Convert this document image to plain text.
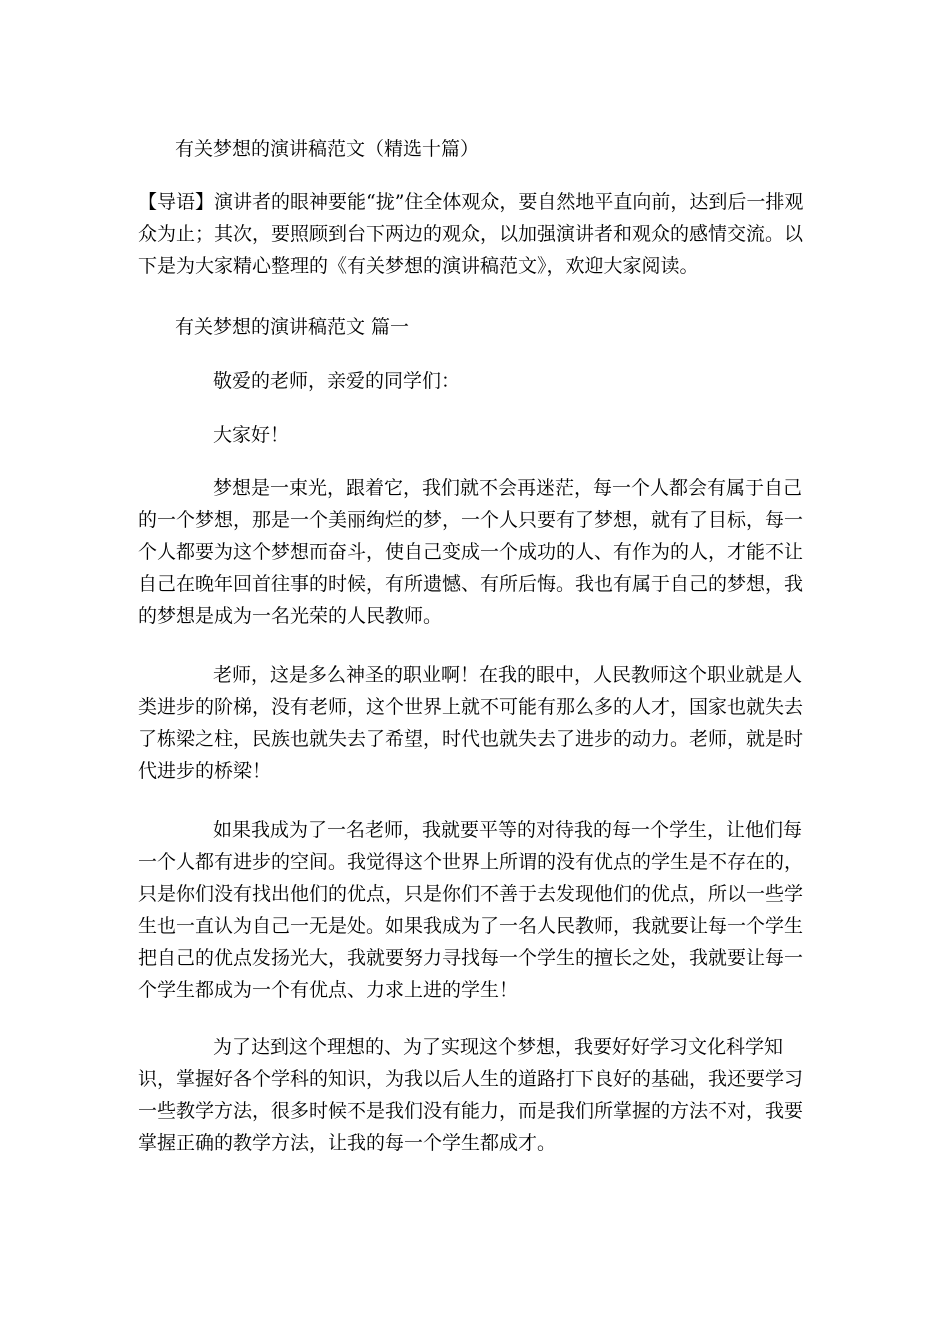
有关梦想的演讲稿范文（精选十篇）

【导语】演讲者的眼神要能“拢”住全体观众，要自然地平直向前，达到后一排观众为止；其次，要照顾到台下两边的观众，以加强演讲者和观众的感情交流。以下是为大家精心整理的《有关梦想的演讲稿范文》，欢迎大家阅读。

有关梦想的演讲稿范文 篇一

敬爱的老师，亲爱的同学们：

大家好！

梦想是一束光，跟着它，我们就不会再迷茫，每一个人都会有属于自己的一个梦想，那是一个美丽绚烂的梦，一个人只要有了梦想，就有了目标，每一个人都要为这个梦想而奋斗，使自己变成一个成功的人、有作为的人，才能不让自己在晚年回首往事的时候，有所遗憾、有所后悔。我也有属于自己的梦想，我的梦想是成为一名光荣的人民教师。

老师，这是多么神圣的职业啊！在我的眼中，人民教师这个职业就是人类进步的阶梯，没有老师，这个世界上就不可能有那么多的人才，国家也就失去了栋梁之柱，民族也就失去了希望，时代也就失去了进步的动力。老师，就是时代进步的桥梁！

如果我成为了一名老师，我就要平等的对待我的每一个学生，让他们每一个人都有进步的空间。我觉得这个世界上所谓的没有优点的学生是不存在的，只是你们没有找出他们的优点，只是你们不善于去发现他们的优点，所以一些学生也一直认为自己一无是处。如果我成为了一名人民教师，我就要让每一个学生把自己的优点发扬光大，我就要努力寻找每一个学生的擅长之处，我就要让每一个学生都成为一个有优点、力求上进的学生！

为了达到这个理想的、为了实现这个梦想，我要好好学习文化科学知识，掌握好各个学科的知识，为我以后人生的道路打下良好的基础，我还要学习一些教学方法，很多时候不是我们没有能力，而是我们所掌握的方法不对，我要掌握正确的教学方法，让我的每一个学生都成才。
